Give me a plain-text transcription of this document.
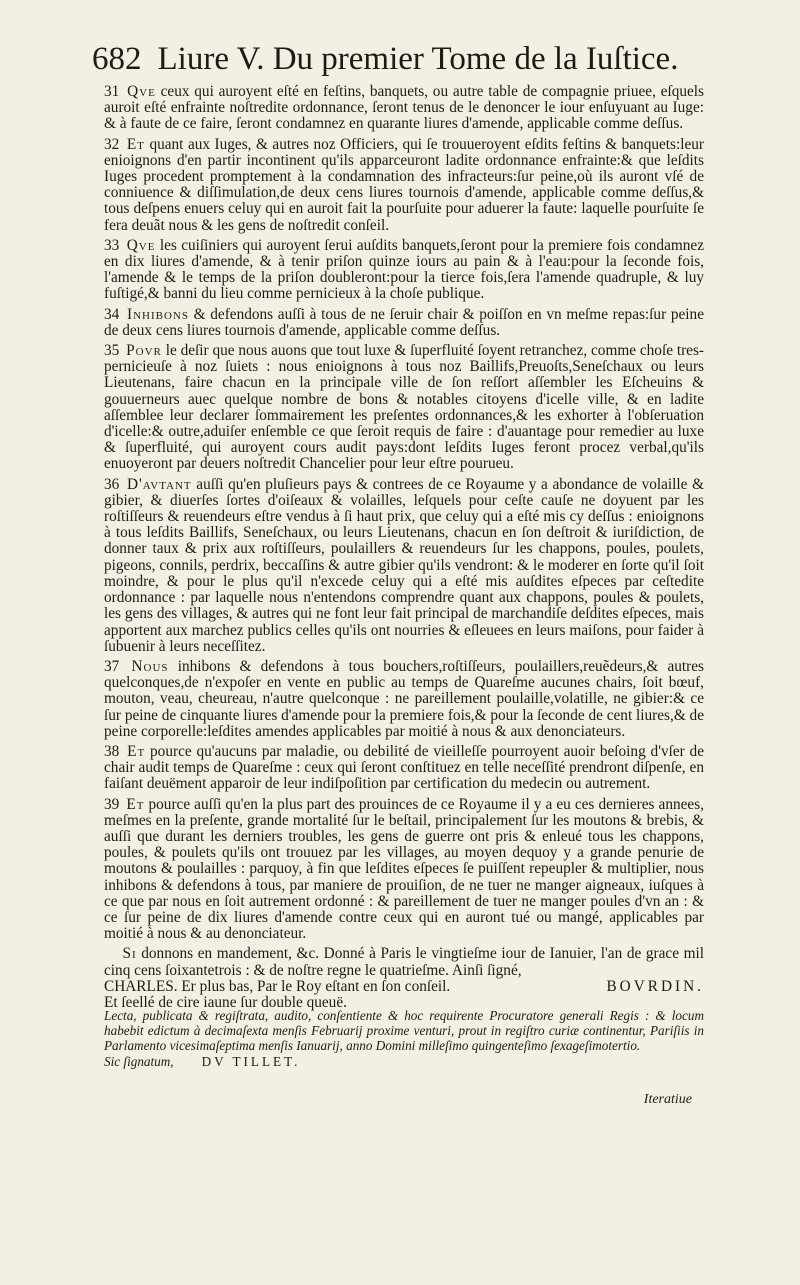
682 Liure V. Du premier Tome de la Iuſtice.

31 Qve ceux qui auroyent eſté en feſtins, banquets, ou autre table de compagnie priuee, eſquels auroit eſté enfrainte noſtredite ordonnance, ſeront tenus de le denoncer le iour enſuyuant au Iuge: & à faute de ce faire, ſeront condamnez en quarante liures d'amende, applicable comme deſſus.

32 Et quant aux Iuges, & autres noz Officiers, qui ſe trouueroyent eſdits feſtins & banquets:leur enioignons d'en partir incontinent qu'ils apparceuront ladite ordonnance enfrainte:& que leſdits Iuges procedent promptement à la condamnation des infracteurs:ſur peine,où ils auront vſé de conniuence & diſſimulation,de deux cens liures tournois d'amende, applicable comme deſſus,& tous deſpens enuers celuy qui en auroit fait la pourſuite pour aduerer la faute: laquelle pourſuite ſe fera deuãt nous & les gens de noſtredit conſeil.

33 Qve les cuiſiniers qui auroyent ſerui auſdits banquets,ſeront pour la premiere fois condamnez en dix liures d'amende, & à tenir priſon quinze iours au pain & à l'eau:pour la ſeconde fois, l'amende & le temps de la priſon doubleront:pour la tierce fois,ſera l'amende quadruple, & luy fuſtigé,& banni du lieu comme pernicieux à la choſe publique.

34 Inhibons & defendons auſſi à tous de ne ſeruir chair & poiſſon en vn meſme repas:ſur peine de deux cens liures tournois d'amende, applicable comme deſſus.

35 Povr le deſir que nous auons que tout luxe & ſuperfluité ſoyent retranchez, comme choſe tres-pernicieuſe à noz ſuiets : nous enioignons à tous noz Baillifs,Preuoſts,Seneſchaux ou leurs Lieutenans, faire chacun en la principale ville de ſon reſſort aſſembler les Eſcheuins & gouuerneurs auec quelque nombre de bons & notables citoyens d'icelle ville, & en ladite aſſemblee leur declarer ſommairement les preſentes ordonnances,& les exhorter à l'obſeruation d'icelle:& outre,aduiſer enſemble ce que ſeroit requis de faire : d'auantage pour remedier au luxe & ſuperfluité, qui auroyent cours audit pays:dont leſdits Iuges feront procez verbal,qu'ils enuoyeront par deuers noſtredit Chancelier pour leur eſtre pourueu.

36 D'avtant auſſi qu'en pluſieurs pays & contrees de ce Royaume y a abondance de volaille & gibier, & diuerſes ſortes d'oiſeaux & volailles, leſquels pour ceſte cauſe ne doyuent par les roſtiſſeurs & reuendeurs eſtre vendus à ſi haut prix, que celuy qui a eſté mis cy deſſus : enioignons à tous leſdits Baillifs, Seneſchaux, ou leurs Lieutenans, chacun en ſon deſtroit & iuriſdiction, de donner taux & prix aux roſtiſſeurs, poulaillers & reuendeurs ſur les chappons, poules, poulets, pigeons, connils, perdrix, beccaſſins & autre gibier qu'ils vendront: & le moderer en ſorte qu'il ſoit moindre, & pour le plus qu'il n'excede celuy qui a eſté mis auſdites eſpeces par ceſtedite ordonnance : par laquelle nous n'entendons comprendre quant aux chappons, poules & poulets, les gens des villages, & autres qui ne font leur fait principal de marchandiſe deſdites eſpeces, mais apportent aux marchez publics celles qu'ils ont nourries & eſleuees en leurs maiſons, pour faider à ſubuenir à leurs neceſſitez.

37 Nous inhibons & defendons à tous bouchers,roſtiſſeurs, poulaillers,reuẽdeurs,& autres quelconques,de n'expoſer en vente en public au temps de Quareſme aucunes chairs, ſoit bœuf, mouton, veau, cheureau, n'autre quelconque : ne pareillement poulaille,volatille, ne gibier:& ce ſur peine de cinquante liures d'amende pour la premiere fois,& pour la ſeconde de cent liures,& de peine corporelle:leſdites amendes applicables par moitié à nous & aux denonciateurs.

38 Et pource qu'aucuns par maladie, ou debilité de vieilleſſe pourroyent auoir beſoing d'vſer de chair audit temps de Quareſme : ceux qui ſeront conſtituez en telle neceſſité prendront diſpenſe, en faiſant deuëment apparoir de leur indiſpoſition par certification du medecin ou autrement.

39 Et pource auſſi qu'en la plus part des prouinces de ce Royaume il y a eu ces dernieres annees, meſmes en la preſente, grande mortalité ſur le beſtail, principalement ſur les moutons & brebis, & auſſi que durant les derniers troubles, les gens de guerre ont pris & enleué tous les chappons, poules, & poulets qu'ils ont trouuez par les villages, au moyen dequoy y a grande penurie de moutons & poulailles : parquoy, à fin que leſdites eſpeces ſe puiſſent repeupler & multiplier, nous inhibons & defendons à tous, par maniere de prouiſion, de ne tuer ne manger aigneaux, iuſques à ce que par nous en ſoit autrement ordonné : & pareillement de tuer ne manger poules d'vn an : & ce ſur peine de dix liures d'amende contre ceux qui en auront tué ou mangé, applicables par moitié à nous & au denonciateur.

Si donnons en mandement, &c. Donné à Paris le vingtieſme iour de Ianuier, l'an de grace mil cinq cens ſoixantetrois : & de noſtre regne le quatrieſme. Ainſi ſigné,

CHARLES. Er plus bas, Par le Roy eſtant en ſon conſeil.	BOVRDIN.

Et ſeellé de cire iaune ſur double queuë.

Lecta, publicata & regiſtrata, audito, conſentiente & hoc requirente Procuratore generali Regis : & locum habebit edictum à decimaſexta menſis Februarij proxime venturi, prout in regiſtro curiæ continentur, Pariſiis in Parlamento vicesimaſeptima menſis Ianuarij, anno Domini milleſimo quingenteſimo ſexageſimotertio.

Sic ſignatum, DV TILLET.

Iteratiue
